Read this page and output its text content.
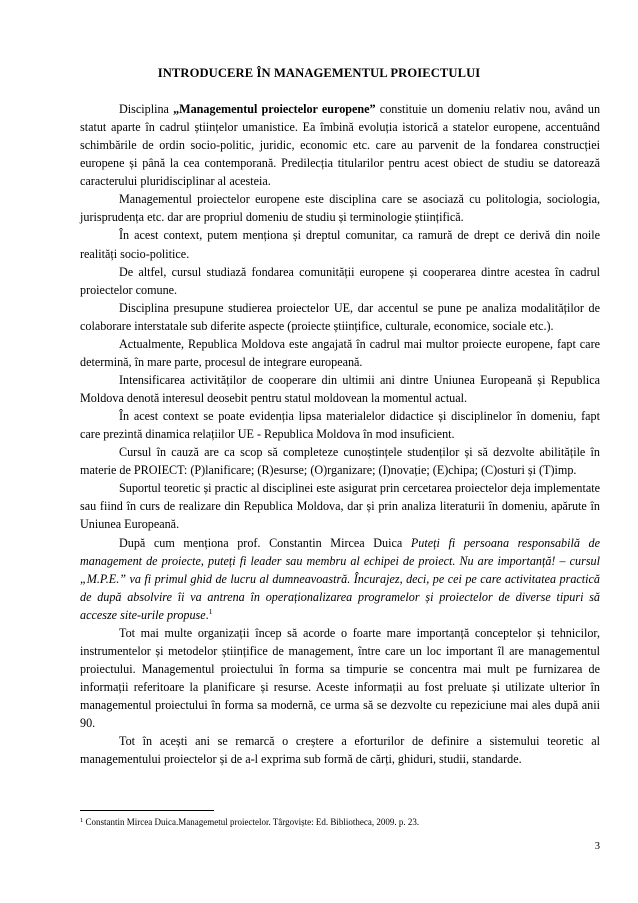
INTRODUCERE ÎN MANAGEMENTUL PROIECTULUI

Disciplina „Managementul proiectelor europene” constituie un domeniu relativ nou, având un statut aparte în cadrul științelor umanistice. Ea îmbină evoluția istorică a statelor europene, accentuând schimbările de ordin socio-politic, juridic, economic etc. care au parvenit de la fondarea construcției europene și până la cea contemporană. Predilecția titularilor pentru acest obiect de studiu se datorează caracterului pluridisciplinar al acesteia.

Managementul proiectelor europene este disciplina care se asociază cu politologia, sociologia, jurisprudența etc. dar are propriul domeniu de studiu și terminologie științifică.

În acest context, putem menționa și dreptul comunitar, ca ramură de drept ce derivă din noile realități socio-politice.

De altfel, cursul studiază fondarea comunității europene și cooperarea dintre acestea în cadrul proiectelor comune.

Disciplina presupune studierea proiectelor UE, dar accentul se pune pe analiza modalităților de colaborare interstatale sub diferite aspecte (proiecte științifice, culturale, economice, sociale etc.).

Actualmente, Republica Moldova este angajată în cadrul mai multor proiecte europene, fapt care determină, în mare parte, procesul de integrare europeană.

Intensificarea activităților de cooperare din ultimii ani dintre Uniunea Europeană și Republica Moldova denotă interesul deosebit pentru statul moldovean la momentul actual.

În acest context se poate evidenția lipsa materialelor didactice și disciplinelor în domeniu, fapt care prezintă dinamica relațiilor UE - Republica Moldova în mod insuficient.

Cursul în cauză are ca scop să completeze cunoștințele studenților și să dezvolte abilitățile în materie de PROIECT: (P)lanificare; (R)esurse; (O)rganizare; (I)novație; (E)chipa; (C)osturi și (T)imp.

Suportul teoretic și practic al disciplinei este asigurat prin cercetarea proiectelor deja implementate sau fiind în curs de realizare din Republica Moldova, dar și prin analiza literaturii în domeniu, apărute în Uniunea Europeană.

După cum menționa prof. Constantin Mircea Duica Puteți fi persoana responsabilă de management de proiecte, puteți fi leader sau membru al echipei de proiect. Nu are importanță! – cursul „M.P.E.” va fi primul ghid de lucru al dumneavoastră. Încurajez, deci, pe cei pe care activitatea practică de după absolvire îi va antrena în operaționalizarea programelor și proiectelor de diverse tipuri să accesze site-urile propuse.$^1$

Tot mai multe organizații încep să acorde o foarte mare importanță conceptelor și tehnicilor, instrumentelor și metodelor științifice de management, între care un loc important îl are managementul proiectului. Managementul proiectului în forma sa timpurie se concentra mai mult pe furnizarea de informații referitoare la planificare și resurse. Aceste informații au fost preluate și utilizate ulterior în managementul proiectului în forma sa modernă, ce urma să se dezvolte cu repeziciune mai ales după anii 90.

Tot în acești ani se remarcă o creștere a eforturilor de definire a sistemului teoretic al managementului proiectelor și de a-l exprima sub formă de cărți, ghiduri, studii, standarde.

$^1$ Constantin Mircea Duica.Managemetul proiectelor. Târgoviște: Ed. Bibliotheca, 2009. p. 23.
3
